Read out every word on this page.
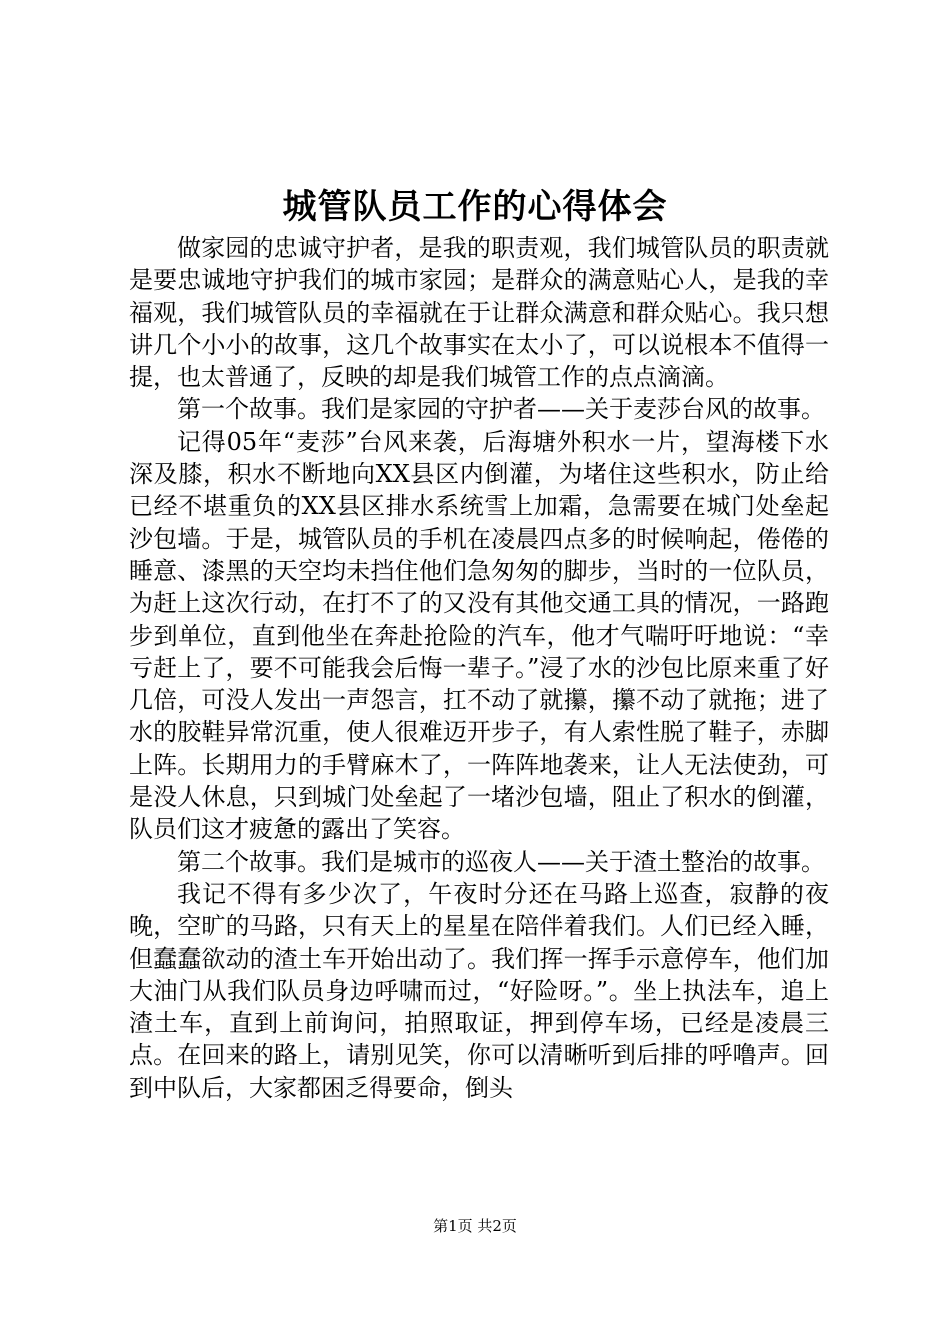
城管队员工作的心得体会

做家园的忠诚守护者，是我的职责观，我们城管队员的职责就是要忠诚地守护我们的城市家园；是群众的满意贴心人，是我的幸福观，我们城管队员的幸福就在于让群众满意和群众贴心。我只想讲几个小小的故事，这几个故事实在太小了，可以说根本不值得一提，也太普通了，反映的却是我们城管工作的点点滴滴。

第一个故事。我们是家园的守护者——关于麦莎台风的故事。

记得05年“麦莎”台风来袭，后海塘外积水一片，望海楼下水深及膝，积水不断地向XX县区内倒灌，为堵住这些积水，防止给已经不堪重负的XX县区排水系统雪上加霜，急需要在城门处垒起沙包墙。于是，城管队员的手机在凌晨四点多的时候响起，倦倦的睡意、漆黑的天空均未挡住他们急匆匆的脚步，当时的一位队员，为赶上这次行动，在打不了的又没有其他交通工具的情况，一路跑步到单位，直到他坐在奔赴抢险的汽车，他才气喘吁吁地说：“幸亏赶上了，要不可能我会后悔一辈子。”浸了水的沙包比原来重了好几倍，可没人发出一声怨言，扛不动了就攥，攥不动了就拖；进了水的胶鞋异常沉重，使人很难迈开步子，有人索性脱了鞋子，赤脚上阵。长期用力的手臂麻木了，一阵阵地袭来，让人无法使劲，可是没人休息，只到城门处垒起了一堵沙包墙，阻止了积水的倒灌，队员们这才疲惫的露出了笑容。

第二个故事。我们是城市的巡夜人——关于渣土整治的故事。

我记不得有多少次了，午夜时分还在马路上巡查，寂静的夜晚，空旷的马路，只有天上的星星在陪伴着我们。人们已经入睡，但蠢蠢欲动的渣土车开始出动了。我们挥一挥手示意停车，他们加大油门从我们队员身边呼啸而过，“好险呀。”。坐上执法车，追上渣土车，直到上前询问，拍照取证，押到停车场，已经是凌晨三点。在回来的路上，请别见笑，你可以清晰听到后排的呼噜声。回到中队后，大家都困乏得要命，倒头

第1页 共2页
